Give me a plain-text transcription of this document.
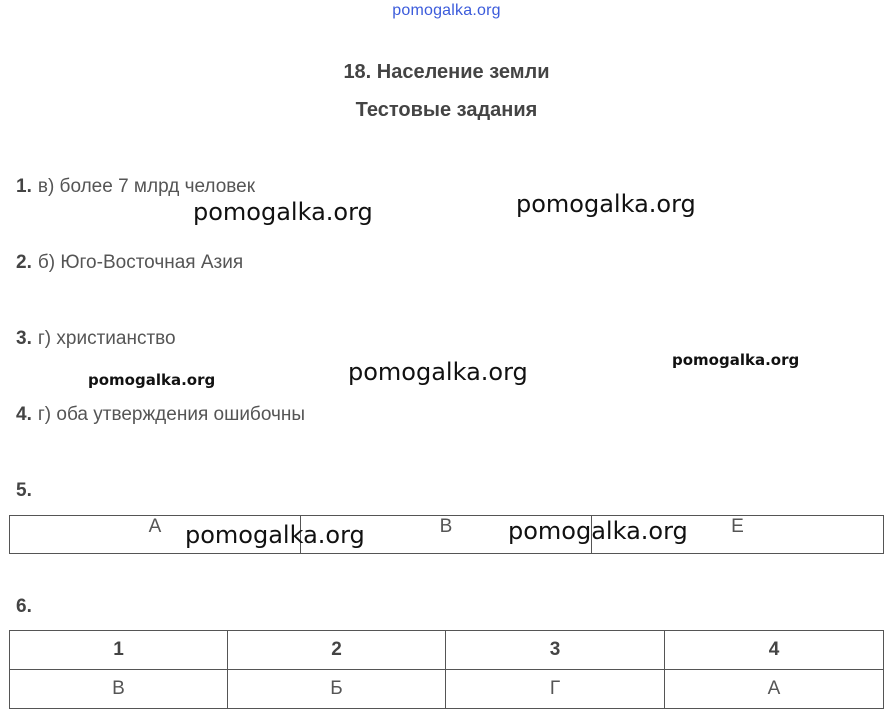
pomogalka.org
18. Население земли
Тестовые задания
1. в) более 7 млрд человек
2. б) Юго-Восточная Азия
3. г) христианство
4. г) оба утверждения ошибочны
5.
А	В	Е
6.
1	2	3	4
В	Б	Г	А
pomogalka.org	pomogalka.org
pomogalka.org	pomogalka.org	pomogalka.org
pomogalka.org	pomogalka.org
